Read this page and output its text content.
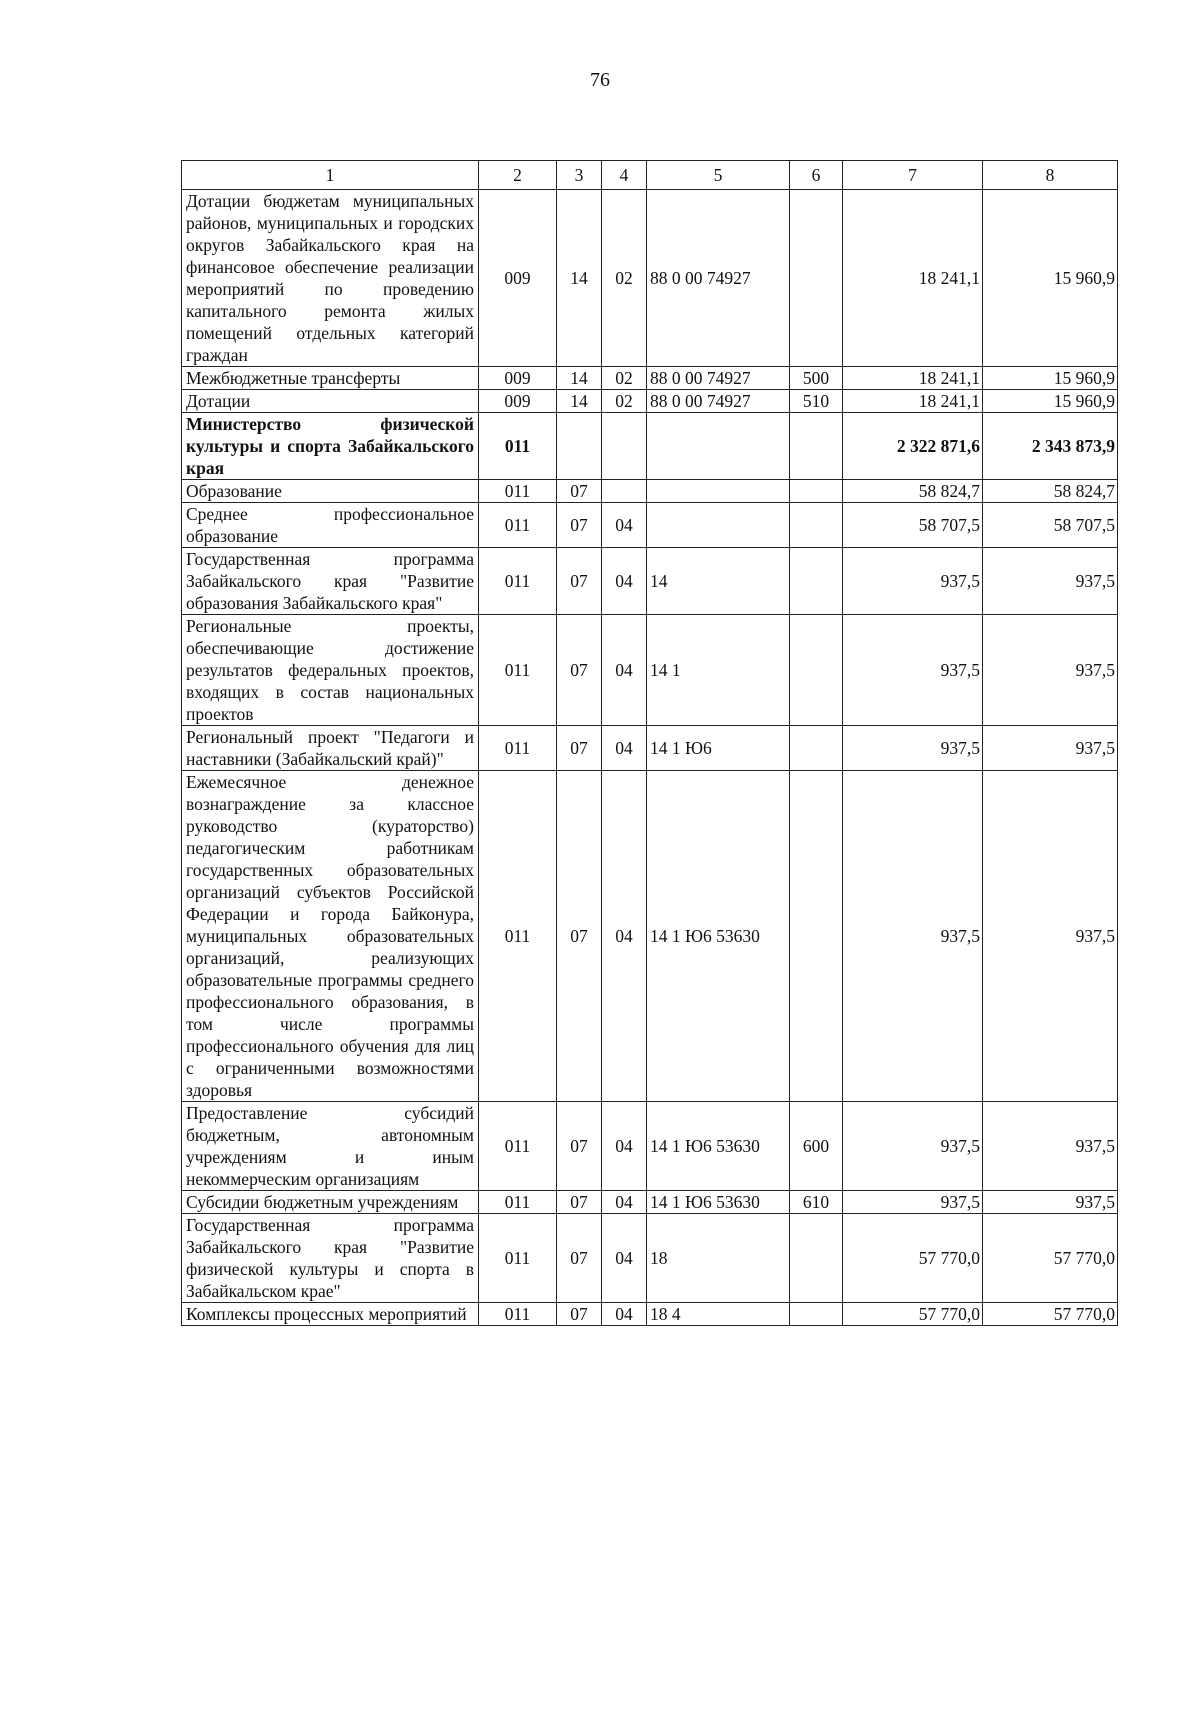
76
1	2	3	4	5	6	7	8
Дотации бюджетам муниципальных районов, муниципальных и городских округов Забайкальского края на финансовое обеспечение реализации мероприятий по проведению капитального ремонта жилых помещений отдельных категорий граждан	009	14	02	88 0 00 74927		18 241,1	15 960,9
Межбюджетные трансферты	009	14	02	88 0 00 74927	500	18 241,1	15 960,9
Дотации	009	14	02	88 0 00 74927	510	18 241,1	15 960,9
Министерство физической культуры и спорта Забайкальского края	011					2 322 871,6	2 343 873,9
Образование	011	07				58 824,7	58 824,7
Среднее профессиональное образование	011	07	04			58 707,5	58 707,5
Государственная программа Забайкальского края "Развитие образования Забайкальского края"	011	07	04	14		937,5	937,5
Региональные проекты, обеспечивающие достижение результатов федеральных проектов, входящих в состав национальных проектов	011	07	04	14 1		937,5	937,5
Региональный проект "Педагоги и наставники (Забайкальский край)"	011	07	04	14 1 Ю6		937,5	937,5
Ежемесячное денежное вознаграждение за классное руководство (кураторство) педагогическим работникам государственных образовательных организаций субъектов Российской Федерации и города Байконура, муниципальных образовательных организаций, реализующих образовательные программы среднего профессионального образования, в том числе программы профессионального обучения для лиц с ограниченными возможностями здоровья	011	07	04	14 1 Ю6 53630		937,5	937,5
Предоставление субсидий бюджетным, автономным учреждениям и иным некоммерческим организациям	011	07	04	14 1 Ю6 53630	600	937,5	937,5
Субсидии бюджетным учреждениям	011	07	04	14 1 Ю6 53630	610	937,5	937,5
Государственная программа Забайкальского края "Развитие физической культуры и спорта в Забайкальском крае"	011	07	04	18		57 770,0	57 770,0
Комплексы процессных мероприятий	011	07	04	18 4		57 770,0	57 770,0
